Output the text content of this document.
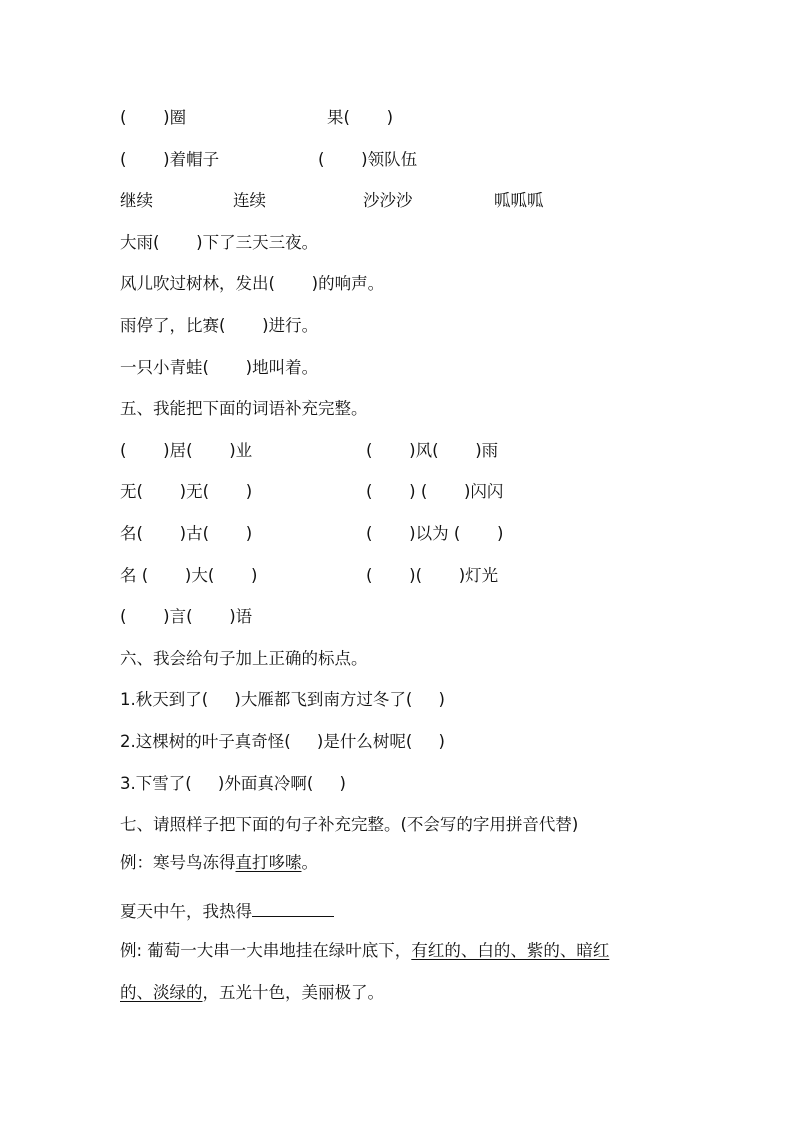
(       )圈	果(       )
(       )着帽子	(       )领队伍
继续	连续	沙沙沙	呱呱呱
大雨(       )下了三天三夜。
风儿吹过树林，发出(       )的响声。
雨停了，比赛(       )进行。
一只小青蛙(       )地叫着。
五、我能把下面的词语补充完整。
(       )居(       )业	(       )风(       )雨
无(       )无(       )	(       ) (       )闪闪
名(       )古(       )	(       )以为 (       )
名 (       )大(       )	(       )(       )灯光
(       )言(       )语
六、我会给句子加上正确的标点。
1.秋天到了(     )大雁都飞到南方过冬了(     )
2.这棵树的叶子真奇怪(     )是什么树呢(     )
3.下雪了(     )外面真冷啊(     )
七、请照样子把下面的句子补充完整。(不会写的字用拼音代替)
例：寒号鸟冻得直打哆嗦。
夏天中午，我热得
例: 葡萄一大串一大串地挂在绿叶底下，有红的、白的、紫的、暗红
的、淡绿的，五光十色，美丽极了。
